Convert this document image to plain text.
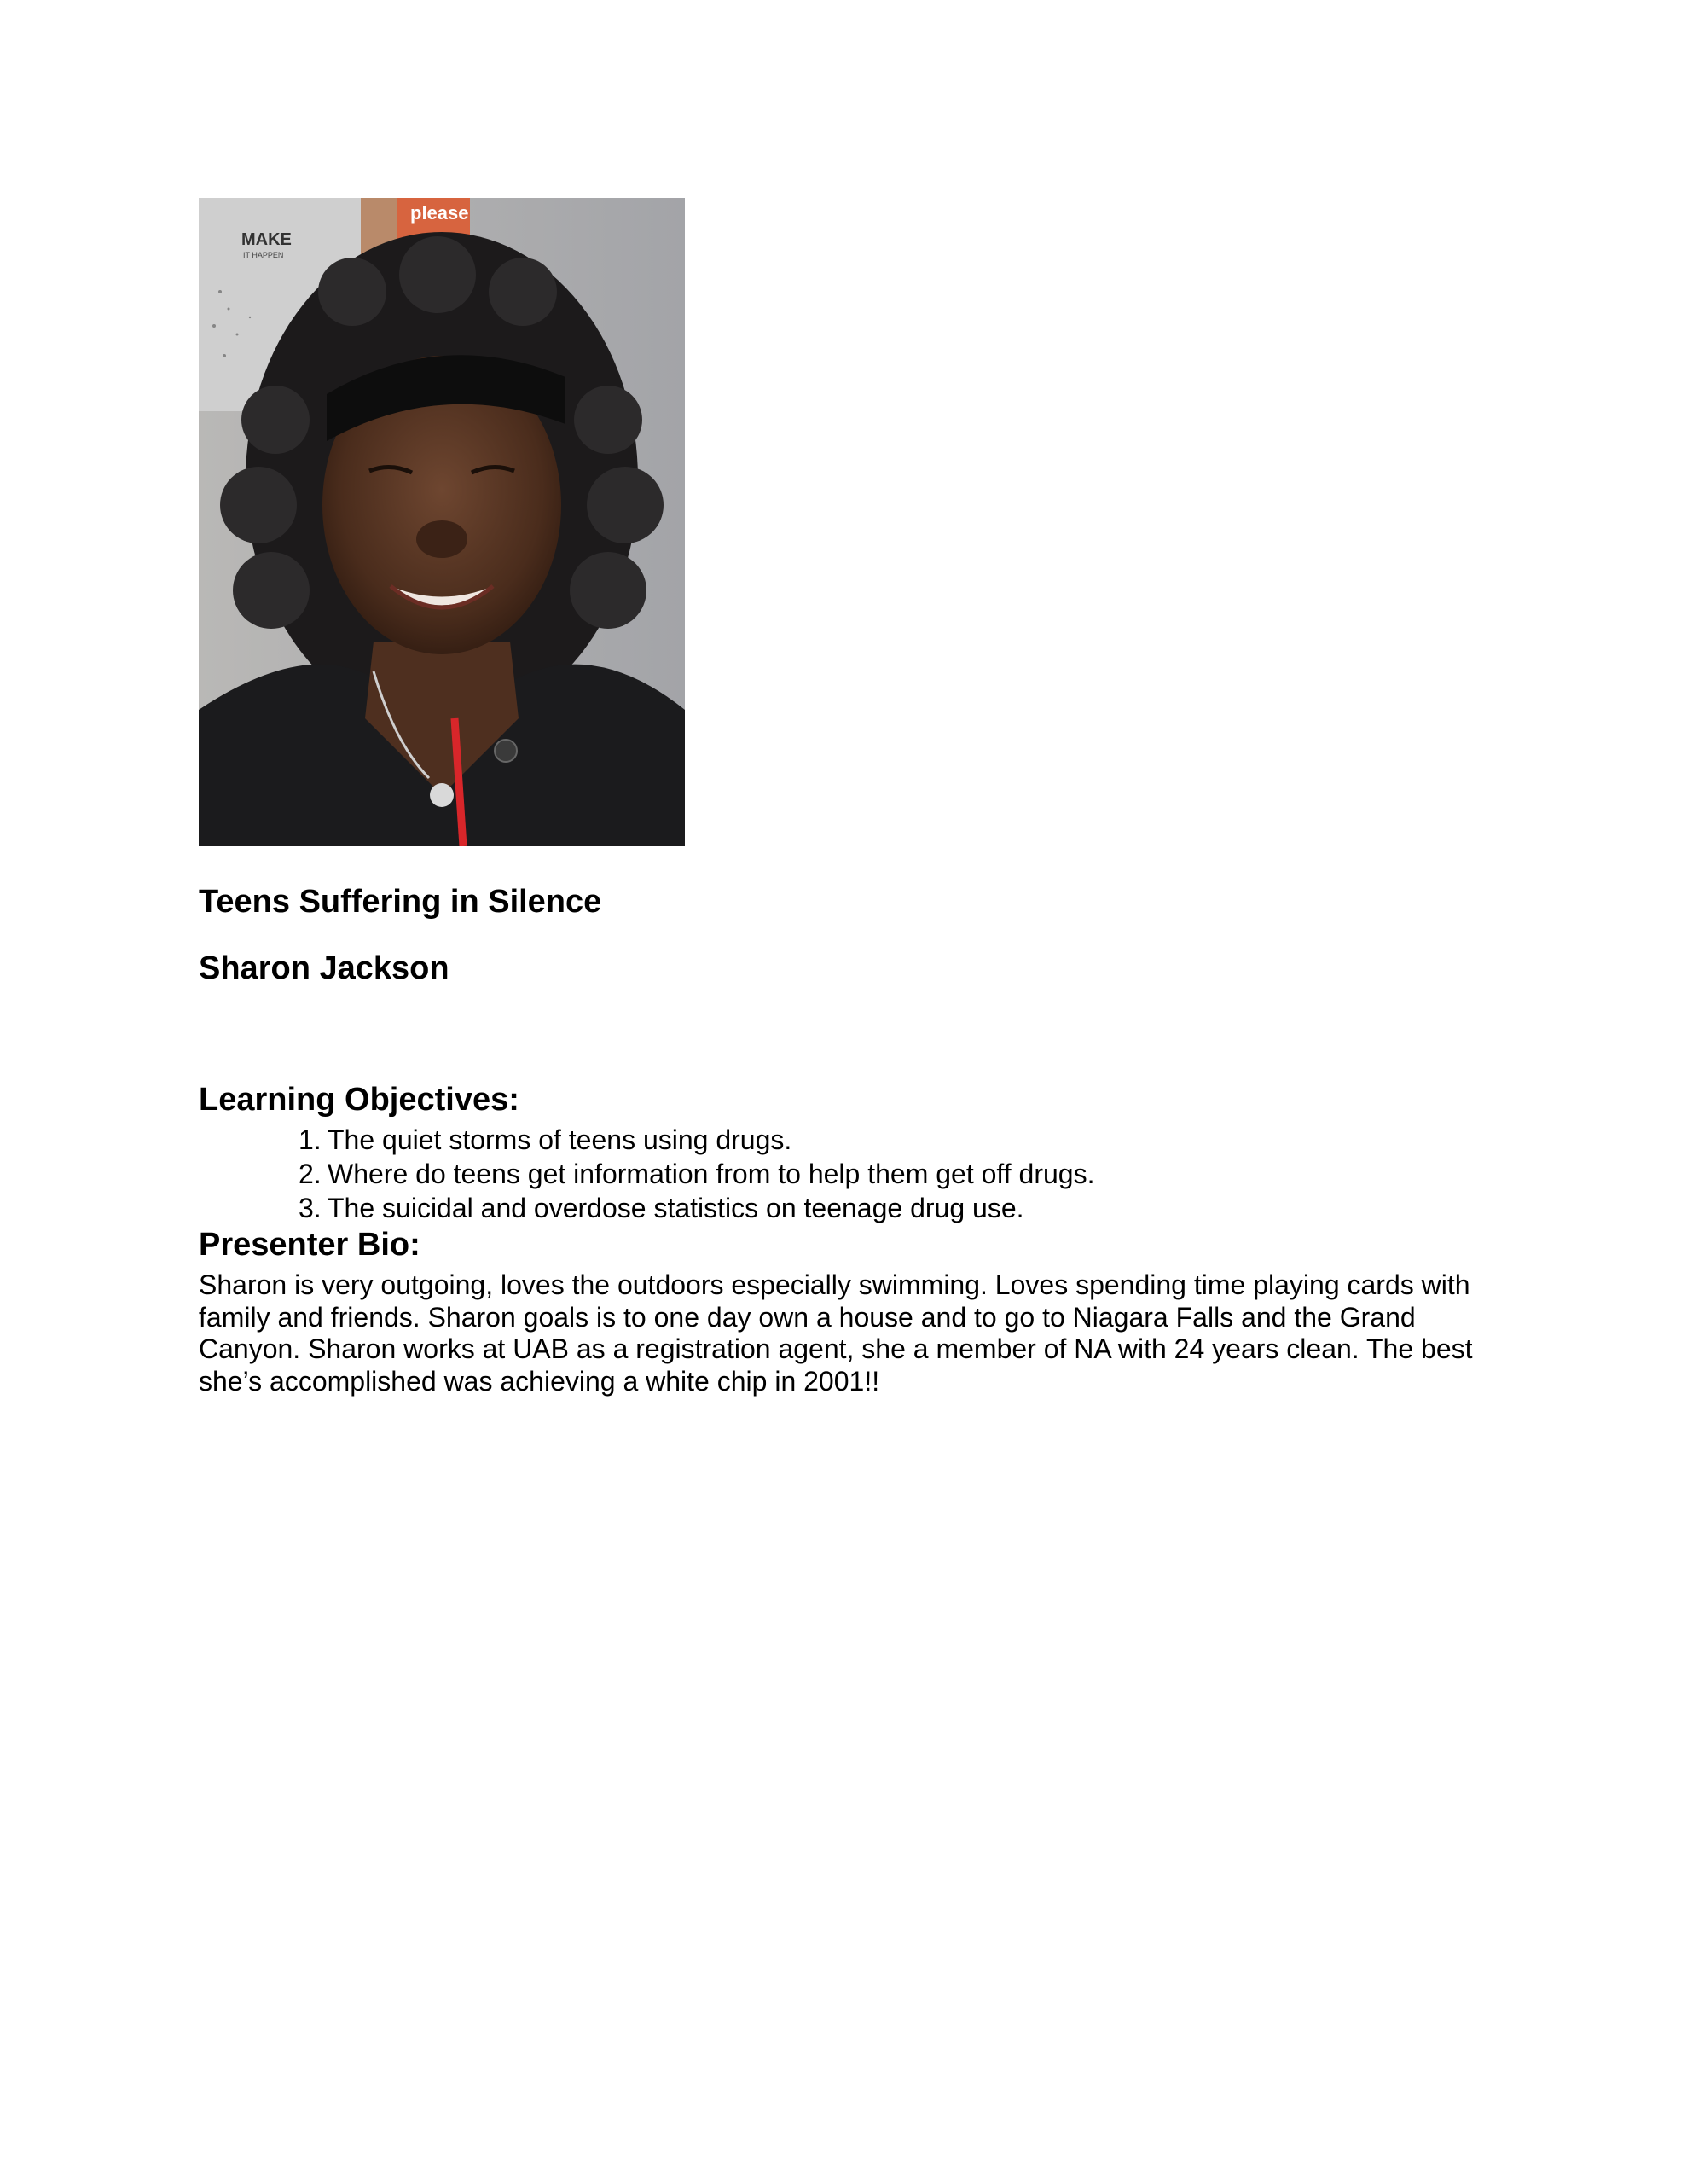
MAKE
IT HAPPEN
please
Teens Suffering in Silence
Sharon Jackson
Learning Objectives:
1. The quiet storms of teens using drugs.
2. Where do teens get information from to help them get off drugs.
3. The suicidal and overdose statistics on teenage drug use.
Presenter Bio:

Sharon is very outgoing, loves the outdoors especially swimming. Loves spending time playing cards with family and friends. Sharon goals is to one day own a house and to go to Niagara Falls and the Grand Canyon. Sharon works at UAB as a registration agent, she a member of NA with 24 years clean. The best she’s accomplished was achieving a white chip in 2001!!
